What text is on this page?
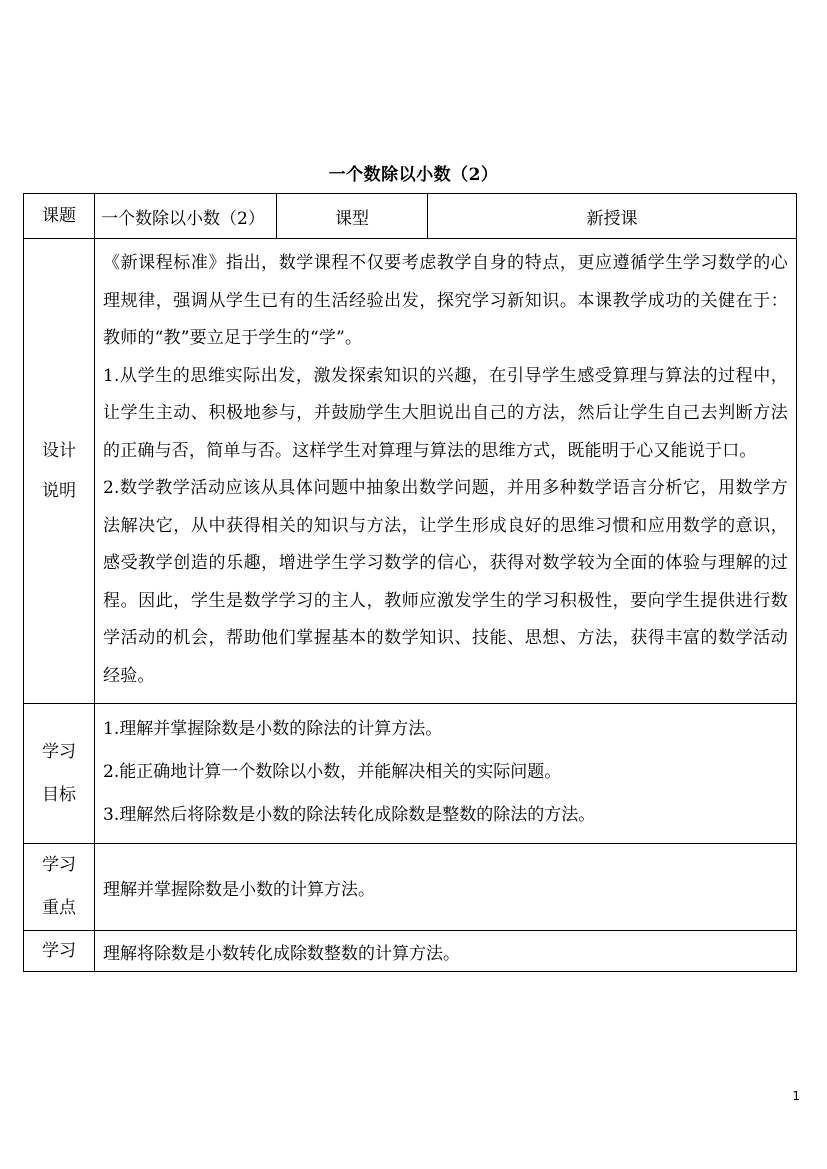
一个数除以小数（2）
课题	一个数除以小数（2）	课型	新授课
设计说明	《新课程标准》指出，数学课程不仅要考虑教学自身的特点，更应遵循学生学习数学的心理规律，强调从学生已有的生活经验出发，探究学习新知识。本课教学成功的关健在于：教师的“教”要立足于学生的“学”。

1.从学生的思维实际出发，激发探索知识的兴趣，在引导学生感受算理与算法的过程中，让学生主动、积极地参与，并鼓励学生大胆说出自己的方法，然后让学生自己去判断方法的正确与否，简单与否。这样学生对算理与算法的思维方式，既能明于心又能说于口。

2.数学教学活动应该从具体问题中抽象出数学问题，并用多种数学语言分析它，用数学方法解决它，从中获得相关的知识与方法，让学生形成良好的思维习惯和应用数学的意识，感受教学创造的乐趣，增进学生学习数学的信心，获得对数学较为全面的体验与理解的过程。因此，学生是数学学习的主人，教师应激发学生的学习积极性，要向学生提供进行数学活动的机会，帮助他们掌握基本的数学知识、技能、思想、方法，获得丰富的数学活动经验。		

学习目标	1.理解并掌握除数是小数的除法的计算方法。

2.能正确地计算一个数除以小数，并能解决相关的实际问题。

3.理解然后将除数是小数的除法转化成除数是整数的除法的方法。		

学习重点	理解并掌握除数是小数的计算方法。		
学习	理解将除数是小数转化成除数整数的计算方法。		
1
